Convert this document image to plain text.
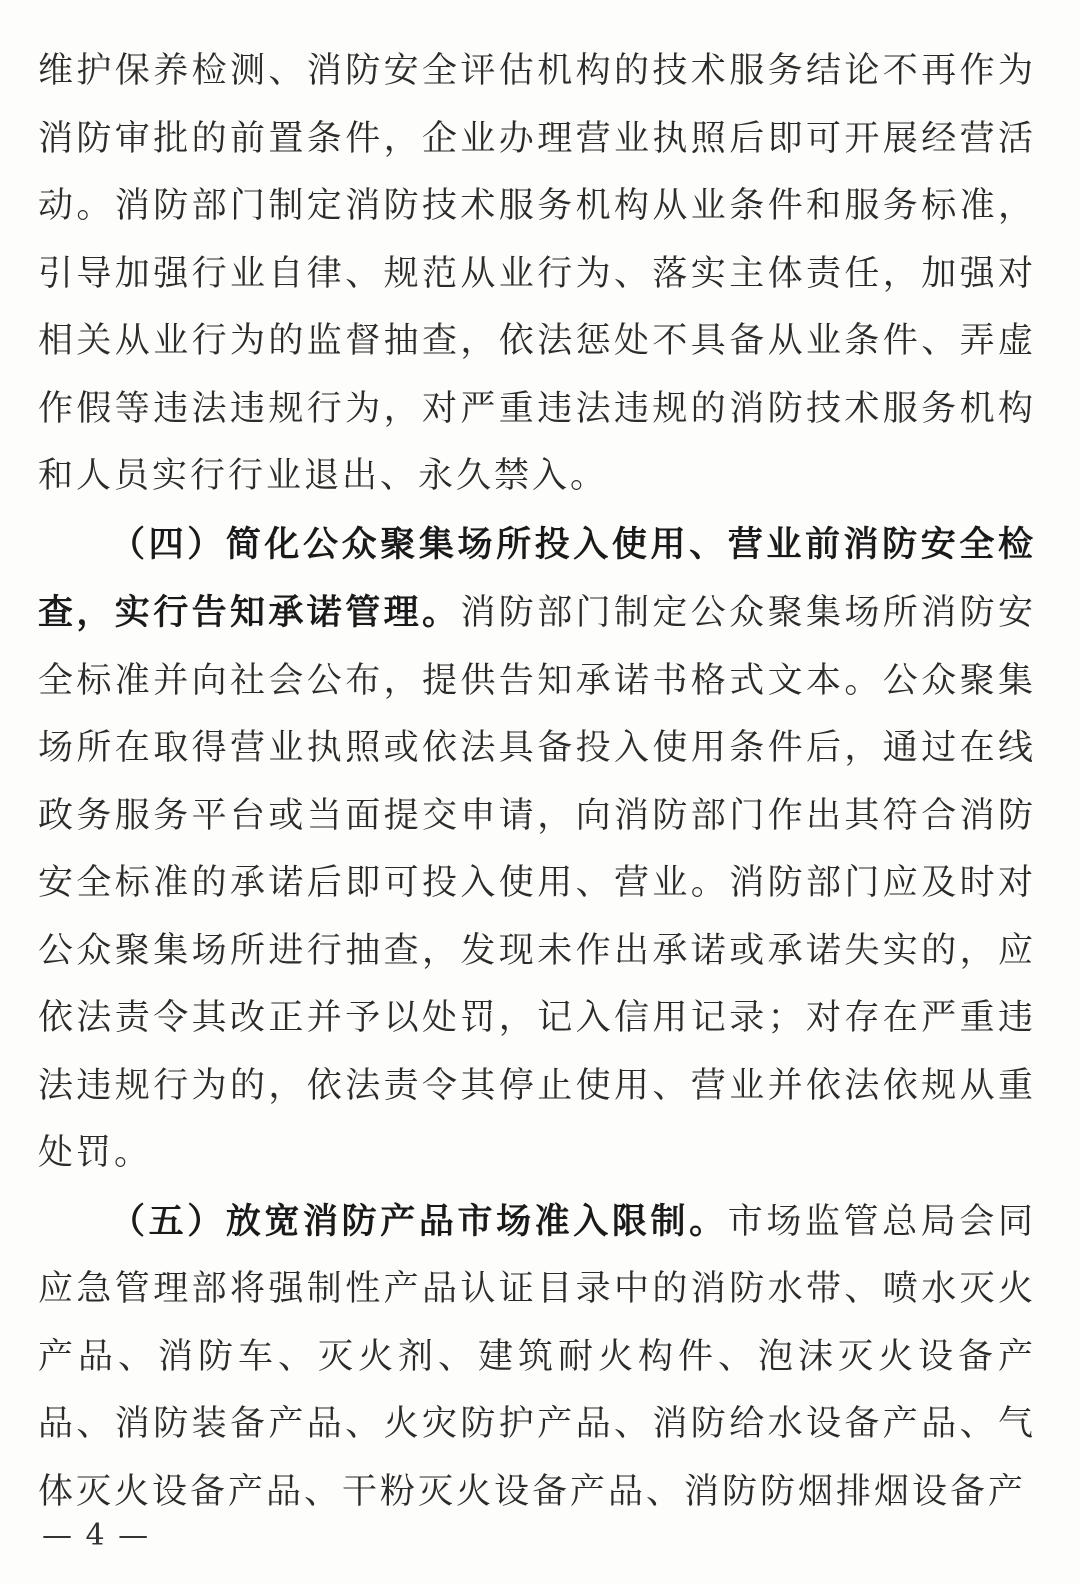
维护保养检测、消防安全评估机构的技术服务结论不再作为消防审批的前置条件，企业办理营业执照后即可开展经营活动。消防部门制定消防技术服务机构从业条件和服务标准，引导加强行业自律、规范从业行为、落实主体责任，加强对相关从业行为的监督抽查，依法惩处不具备从业条件、弄虚作假等违法违规行为，对严重违法违规的消防技术服务机构和人员实行行业退出、永久禁入。

（四）简化公众聚集场所投入使用、营业前消防安全检查，实行告知承诺管理。消防部门制定公众聚集场所消防安全标准并向社会公布，提供告知承诺书格式文本。公众聚集场所在取得营业执照或依法具备投入使用条件后，通过在线政务服务平台或当面提交申请，向消防部门作出其符合消防安全标准的承诺后即可投入使用、营业。消防部门应及时对公众聚集场所进行抽查，发现未作出承诺或承诺失实的，应依法责令其改正并予以处罚，记入信用记录；对存在严重违法违规行为的，依法责令其停止使用、营业并依法依规从重处罚。

（五）放宽消防产品市场准入限制。市场监管总局会同应急管理部将强制性产品认证目录中的消防水带、喷水灭火产品、消防车、灭火剂、建筑耐火构件、泡沫灭火设备产品、消防装备产品、火灾防护产品、消防给水设备产品、气体灭火设备产品、干粉灭火设备产品、消防防烟排烟设备产

— 4 —
